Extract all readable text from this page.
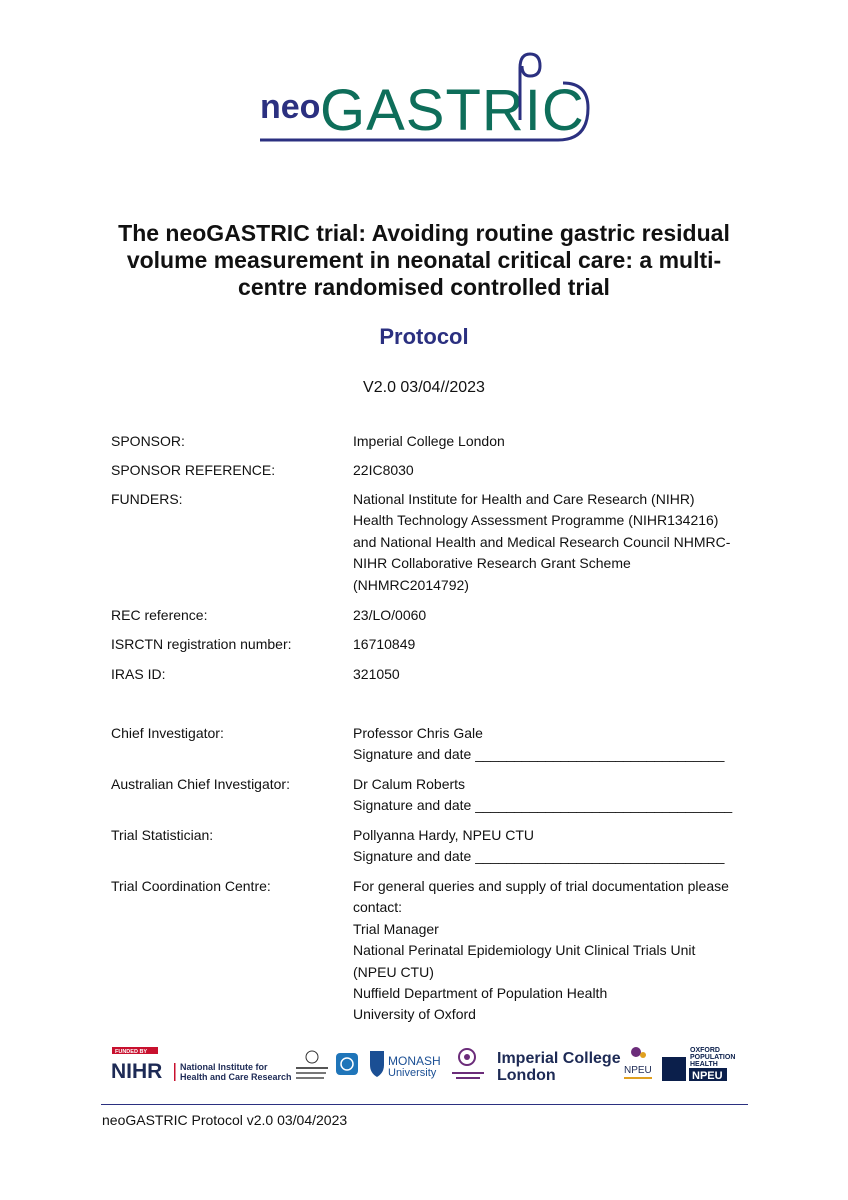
neo GASTRIC
The neoGASTRIC trial: Avoiding routine gastric residual
volume measurement in neonatal critical care: a multi-
centre randomised controlled trial
Protocol
V2.0 03/04//2023
SPONSOR:	Imperial College London
SPONSOR REFERENCE:	22IC8030
FUNDERS:	National Institute for Health and Care Research (NIHR)
Health Technology Assessment Programme (NIHR134216)
and National Health and Medical Research Council NHMRC-
NIHR Collaborative Research Grant Scheme
(NHMRC2014792)
REC reference:	23/LO/0060
ISRCTN registration number:	16710849
IRAS ID:	321050
Chief Investigator:	Professor Chris Gale
Signature and date ________________________________
Australian Chief Investigator:	Dr Calum Roberts
Signature and date _________________________________
Trial Statistician:	Pollyanna Hardy, NPEU CTU
Signature and date ________________________________
Trial Coordination Centre:	For general queries and supply of trial documentation please
contact:
Trial Manager
National Perinatal Epidemiology Unit Clinical Trials Unit
(NPEU CTU)
Nuffield Department of Population Health
University of Oxford
FUNDED BY
NIHR National Institute for
Health and Care Research
MONASH
University
Imperial College
London	NPEU
OXFORD
POPULATION
HEALTH
NPEU
neoGASTRIC Protocol v2.0 03/04/2023
